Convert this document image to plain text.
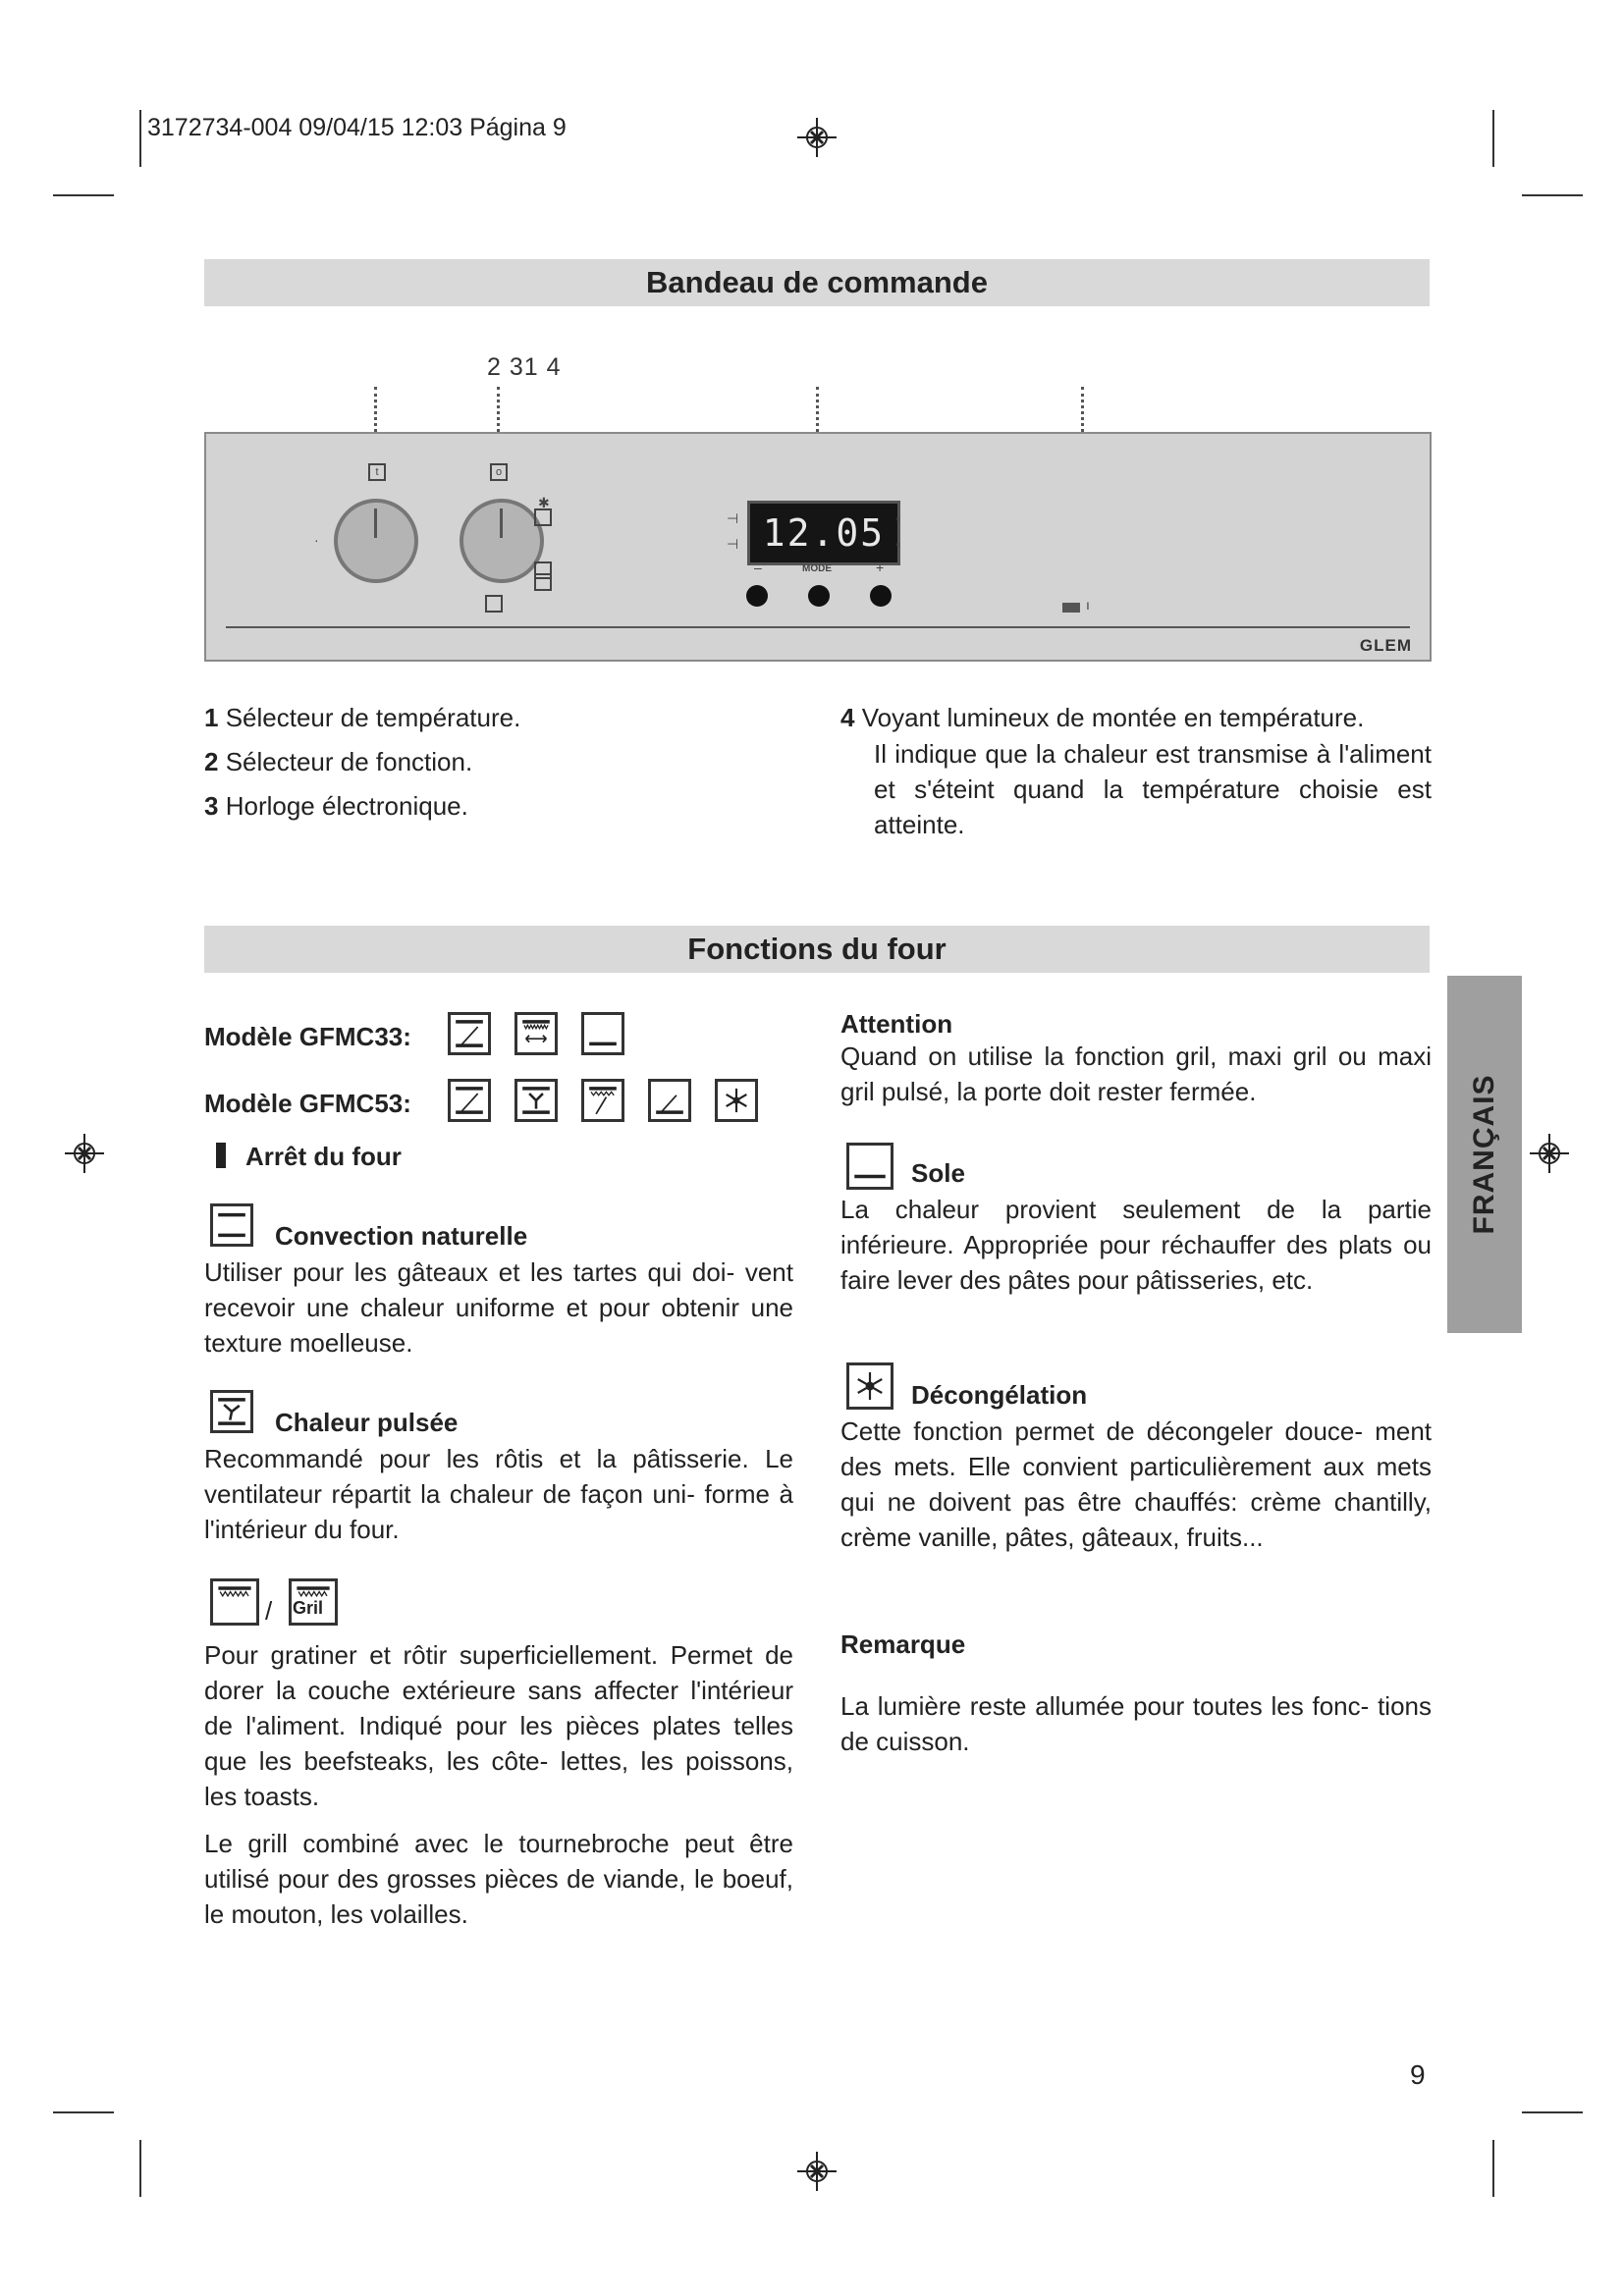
3172734-004 09/04/15 12:03 Página 9
Bandeau de commande
2 31 4
t	o
·
✱
⊣
⊣ 12.05 ◦
◦
–	MODE	+
ı
GLEM
1 Sélecteur de température.
2 Sélecteur de fonction.
3 Horloge électronique.
4 Voyant lumineux de montée en température.
Il indique que la chaleur est transmise à l'aliment et s'éteint quand la température choisie est atteinte.
Fonctions du four
Modèle GFMC33:
Modèle GFMC53:
Arrêt du four
Convection naturelle
Utiliser pour les gâteaux et les tartes qui doi- vent recevoir une chaleur uniforme et pour obtenir une texture moelleuse.
Chaleur pulsée
Recommandé pour les rôtis et la pâtisserie. Le ventilateur répartit la chaleur de façon uni- forme à l'intérieur du four.
/ Gril
Pour gratiner et rôtir superficiellement. Permet de dorer la couche extérieure sans affecter l'intérieur de l'aliment. Indiqué pour les pièces plates telles que les beefsteaks, les côte- lettes, les poissons, les toasts.
Le grill combiné avec le tournebroche peut être utilisé pour des grosses pièces de viande, le boeuf, le mouton, les volailles.
Attention
Quand on utilise la fonction gril, maxi gril ou maxi gril pulsé, la porte doit rester fermée.
Sole
La chaleur provient seulement de la partie inférieure. Appropriée pour réchauffer des plats ou faire lever des pâtes pour pâtisseries, etc.
Décongélation
Cette fonction permet de décongeler douce- ment des mets. Elle convient particulièrement aux mets qui ne doivent pas être chauffés: crème chantilly, crème vanille, pâtes, gâteaux, fruits...
Remarque
La lumière reste allumée pour toutes les fonc- tions de cuisson.
FRANÇAIS
9
